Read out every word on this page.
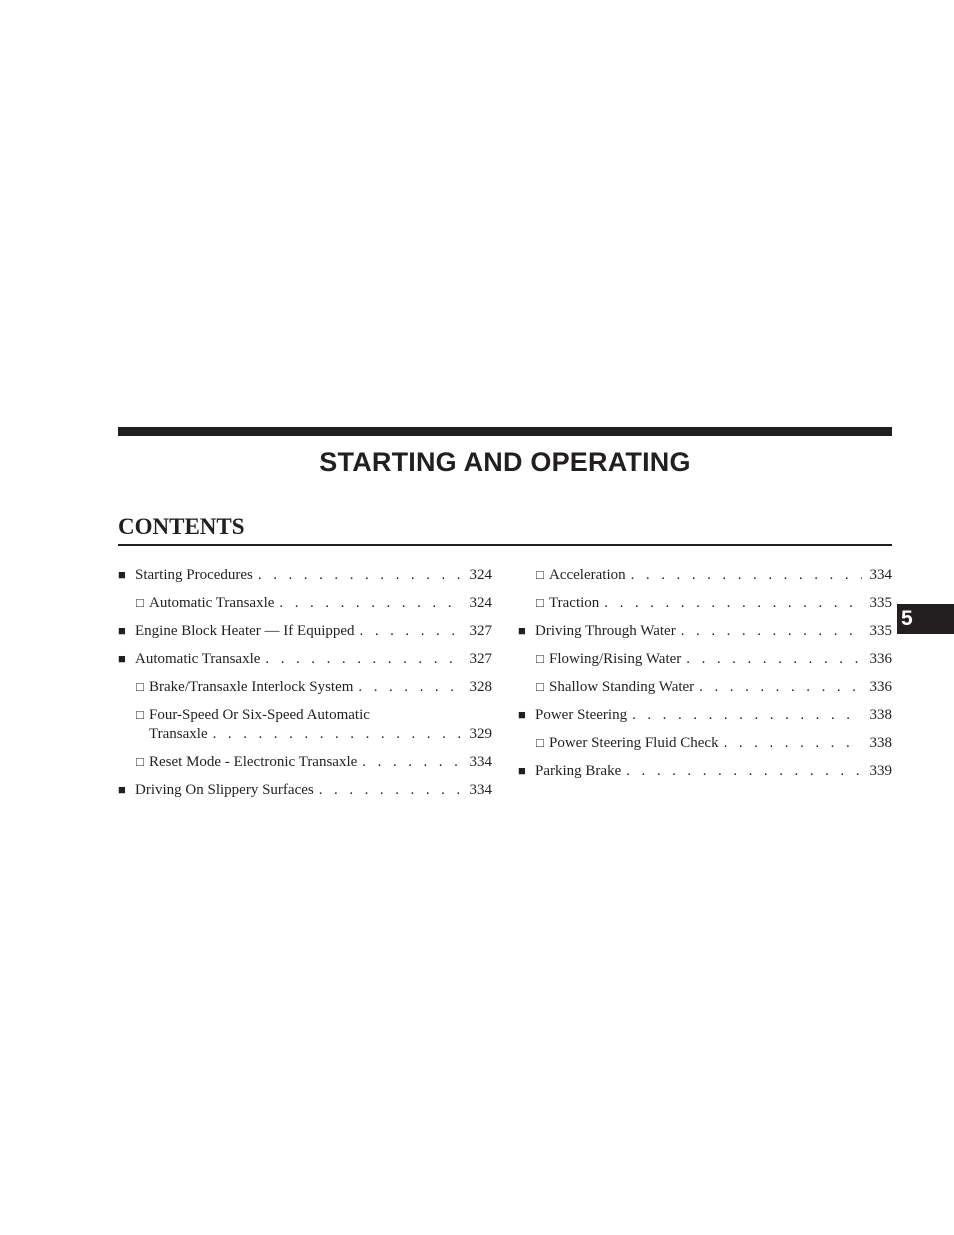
STARTING AND OPERATING
CONTENTS
■ Starting Procedures . . .	324
□ Automatic Transaxle . . .	324
■ Engine Block Heater — If Equipped . . .	327
■ Automatic Transaxle . . .	327
□ Brake/Transaxle Interlock System . . .	328
□ Four-Speed Or Six-Speed Automatic
Transaxle . . .	329
□ Reset Mode - Electronic Transaxle . . .	334
■ Driving On Slippery Surfaces . . .	334
□ Acceleration . . .	334
□ Traction . . .	335
■ Driving Through Water . . .	335
□ Flowing/Rising Water . . .	336
□ Shallow Standing Water . . .	336
■ Power Steering . . .	338
□ Power Steering Fluid Check . . .	338
■ Parking Brake . . .	339
5
